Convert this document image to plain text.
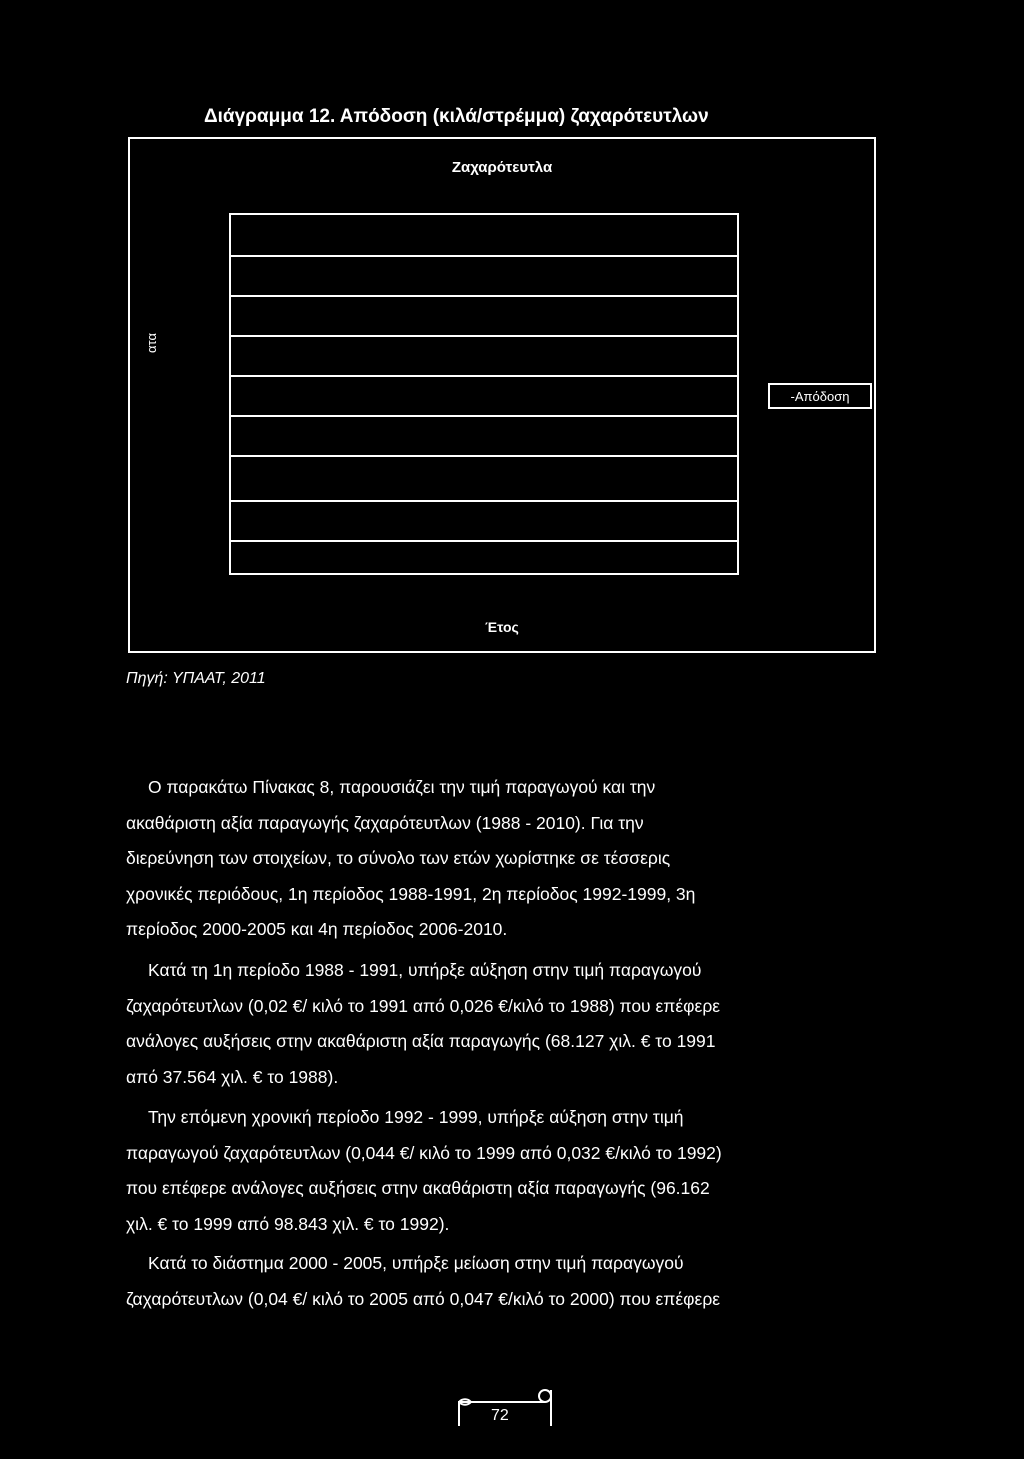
Διάγραμμα 12. Απόδοση (κιλά/στρέμμα) ζαχαρότευτλων
Ζαχαρότευτλα
ατα
-Απόδοση
Έτος
Πηγή: ΥΠΑΑΤ, 2011
Ο παρακάτω Πίνακας 8, παρουσιάζει την τιμή παραγωγού και την
ακαθάριστη αξία παραγωγής ζαχαρότευτλων (1988 - 2010). Για την
διερεύνηση των στοιχείων, το σύνολο των ετών χωρίστηκε σε τέσσερις
χρονικές περιόδους, 1η περίοδος 1988-1991, 2η περίοδος 1992-1999, 3η
περίοδος 2000-2005 και 4η περίοδος 2006-2010.
Κατά τη 1η περίοδο 1988 - 1991, υπήρξε αύξηση στην τιμή παραγωγού
ζαχαρότευτλων (0,02 €/ κιλό το 1991 από 0,026 €/κιλό το 1988) που επέφερε
ανάλογες αυξήσεις στην ακαθάριστη αξία παραγωγής (68.127 χιλ. € το 1991
από 37.564 χιλ. € το 1988).
Την επόμενη χρονική περίοδο 1992 - 1999, υπήρξε αύξηση στην τιμή
παραγωγού ζαχαρότευτλων (0,044 €/ κιλό το 1999 από 0,032 €/κιλό το 1992)
που επέφερε ανάλογες αυξήσεις στην ακαθάριστη αξία παραγωγής (96.162
χιλ. € το 1999 από 98.843 χιλ. € το 1992).
Κατά το διάστημα 2000 - 2005, υπήρξε μείωση στην τιμή παραγωγού
ζαχαρότευτλων (0,04 €/ κιλό το 2005 από 0,047 €/κιλό το 2000) που επέφερε
72
